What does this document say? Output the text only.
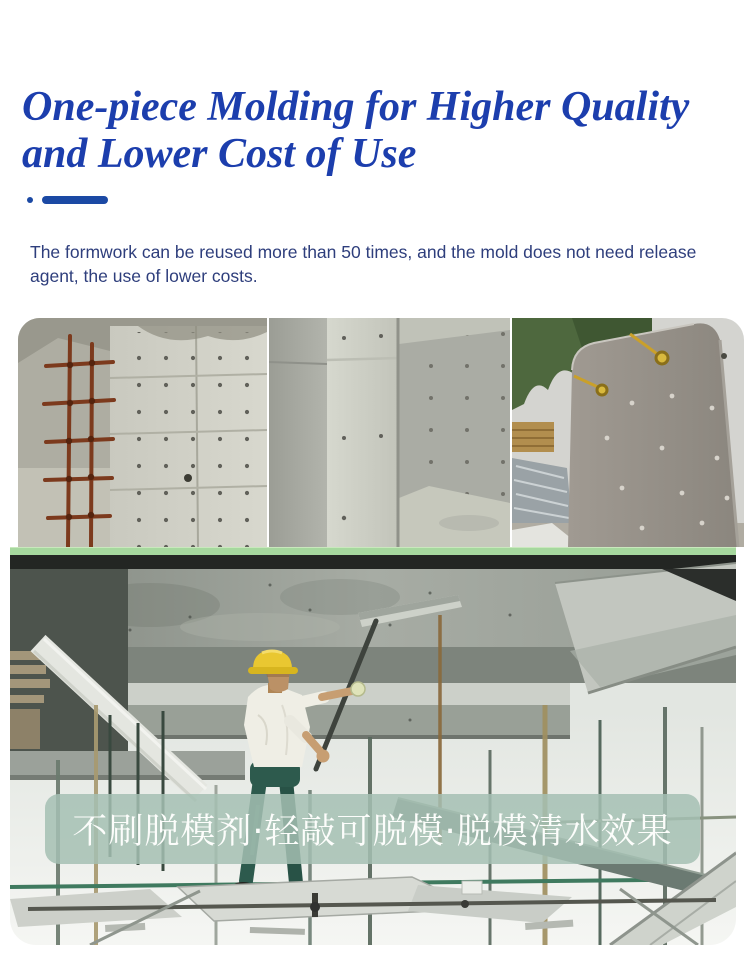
One-piece Molding for Higher Quality
and Lower Cost of Use

The formwork can be reused more than 50 times, and the mold does not need release agent, the use of lower costs.

不刷脱模剂·轻敲可脱模·脱模清水效果
